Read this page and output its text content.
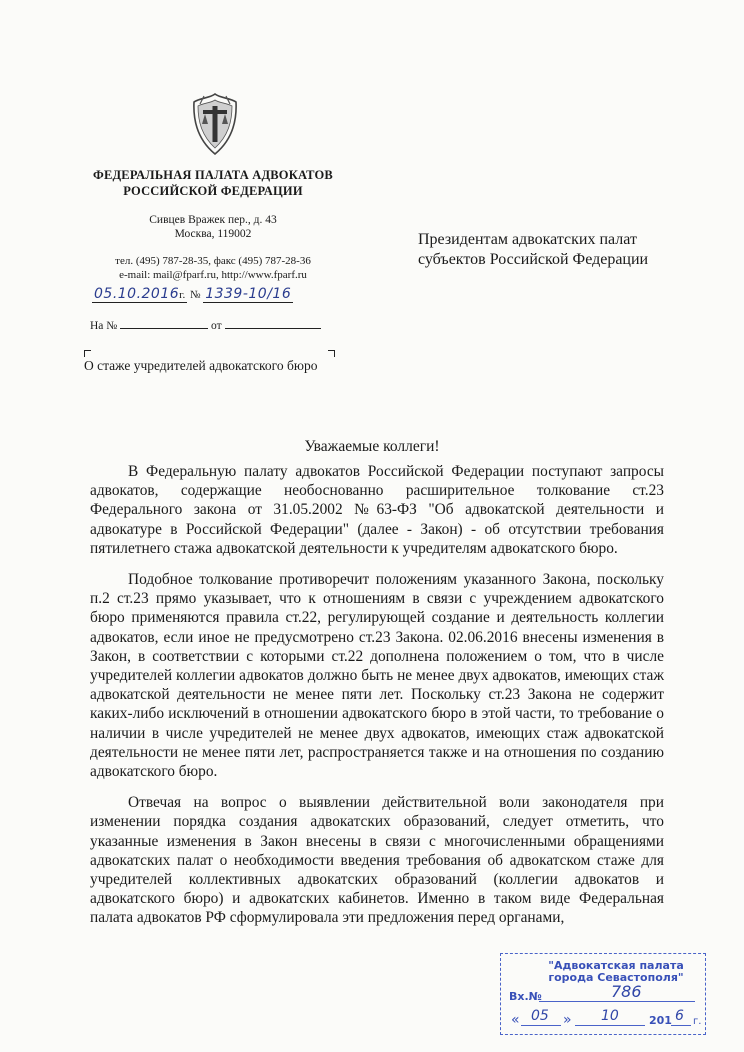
ФЕДЕРАЛЬНАЯ ПАЛАТА АДВОКАТОВ
РОССИЙСКОЙ ФЕДЕРАЦИИ
Сивцев Вражек пер., д. 43
Москва, 119002
тел. (495) 787-28-35, факс (495) 787-28-36
e-mail: mail@fparf.ru, http://www.fparf.ru
05.10.2016г. № 1339-10/16
На №	от
О стаже учредителей адвокатского бюро
Президентам адвокатских палат
субъектов Российской Федерации
Уважаемые коллеги!

В Федеральную палату адвокатов Российской Федерации поступают запросы адвокатов, содержащие необоснованно расширительное толкование ст.23 Федерального закона от 31.05.2002 №63-ФЗ "Об адвокатской деятельности и адвокатуре в Российской Федерации" (далее - Закон) - об отсутствии требования пятилетнего стажа адвокатской деятельности к учредителям адвокатского бюро.

Подобное толкование противоречит положениям указанного Закона, поскольку п.2 ст.23 прямо указывает, что к отношениям в связи с учреждением адвокатского бюро применяются правила ст.22, регулирующей создание и деятельность коллегии адвокатов, если иное не предусмотрено ст.23 Закона. 02.06.2016 внесены изменения в Закон, в соответствии с которыми ст.22 дополнена положением о том, что в числе учредителей коллегии адвокатов должно быть не менее двух адвокатов, имеющих стаж адвокатской деятельности не менее пяти лет. Поскольку ст.23 Закона не содержит каких-либо исключений в отношении адвокатского бюро в этой части, то требование о наличии в числе учредителей не менее двух адвокатов, имеющих стаж адвокатской деятельности не менее пяти лет, распространяется также и на отношения по созданию адвокатского бюро.

Отвечая на вопрос о выявлении действительной воли законодателя при изменении порядка создания адвокатских образований, следует отметить, что указанные изменения в Закон внесены в связи с многочисленными обращениями адвокатских палат о необходимости введения требования об адвокатском стаже для учредителей коллективных адвокатских образований (коллегии адвокатов и адвокатского бюро) и адвокатских кабинетов. Именно в таком виде Федеральная палата адвокатов РФ сформулировала эти предложения перед органами,

"Адвокатская палата
города Севастополя"
Вх.№	786
« 05 » 10	201 6 г.
